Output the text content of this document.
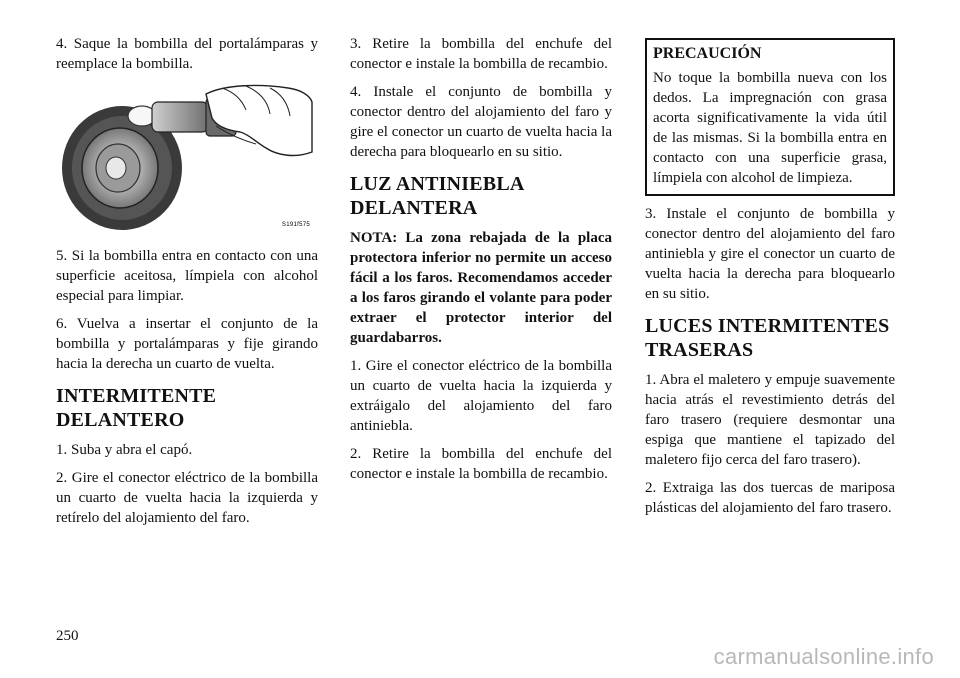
4. Saque la bombilla del portalámparas y reemplace la bombilla.

S191f575

5. Si la bombilla entra en contacto con una superficie aceitosa, límpiela con alcohol especial para limpiar.

6. Vuelva a insertar el conjunto de la bombilla y portalámparas y fije girando hacia la derecha un cuarto de vuelta.

INTERMITENTE DELANTERO

1. Suba y abra el capó.

2. Gire el conector eléctrico de la bombilla un cuarto de vuelta hacia la izquierda y retírelo del alojamiento del faro.

3. Retire la bombilla del enchufe del conector e instale la bombilla de recambio.

4. Instale el conjunto de bombilla y conector dentro del alojamiento del faro y gire el conector un cuarto de vuelta hacia la derecha para bloquearlo en su sitio.

LUZ ANTINIEBLA DELANTERA

NOTA: La zona rebajada de la placa protectora inferior no permite un acceso fácil a los faros. Recomendamos acceder a los faros girando el volante para poder extraer el protector interior del guardabarros.

1. Gire el conector eléctrico de la bombilla un cuarto de vuelta hacia la izquierda y extráigalo del alojamiento del faro antiniebla.

2. Retire la bombilla del enchufe del conector e instale la bombilla de recambio.

PRECAUCIÓN

No toque la bombilla nueva con los dedos. La impregnación con grasa acorta significativamente la vida útil de las mismas. Si la bombilla entra en contacto con una superficie grasa, límpiela con alcohol de limpieza.

3. Instale el conjunto de bombilla y conector dentro del alojamiento del faro antiniebla y gire el conector un cuarto de vuelta hacia la derecha para bloquearlo en su sitio.

LUCES INTERMITENTES TRASERAS

1. Abra el maletero y empuje suavemente hacia atrás el revestimiento detrás del faro trasero (requiere desmontar una espiga que mantiene el tapizado del maletero fijo cerca del faro trasero).

2. Extraiga las dos tuercas de mariposa plásticas del alojamiento del faro trasero.

250
carmanualsonline.info
